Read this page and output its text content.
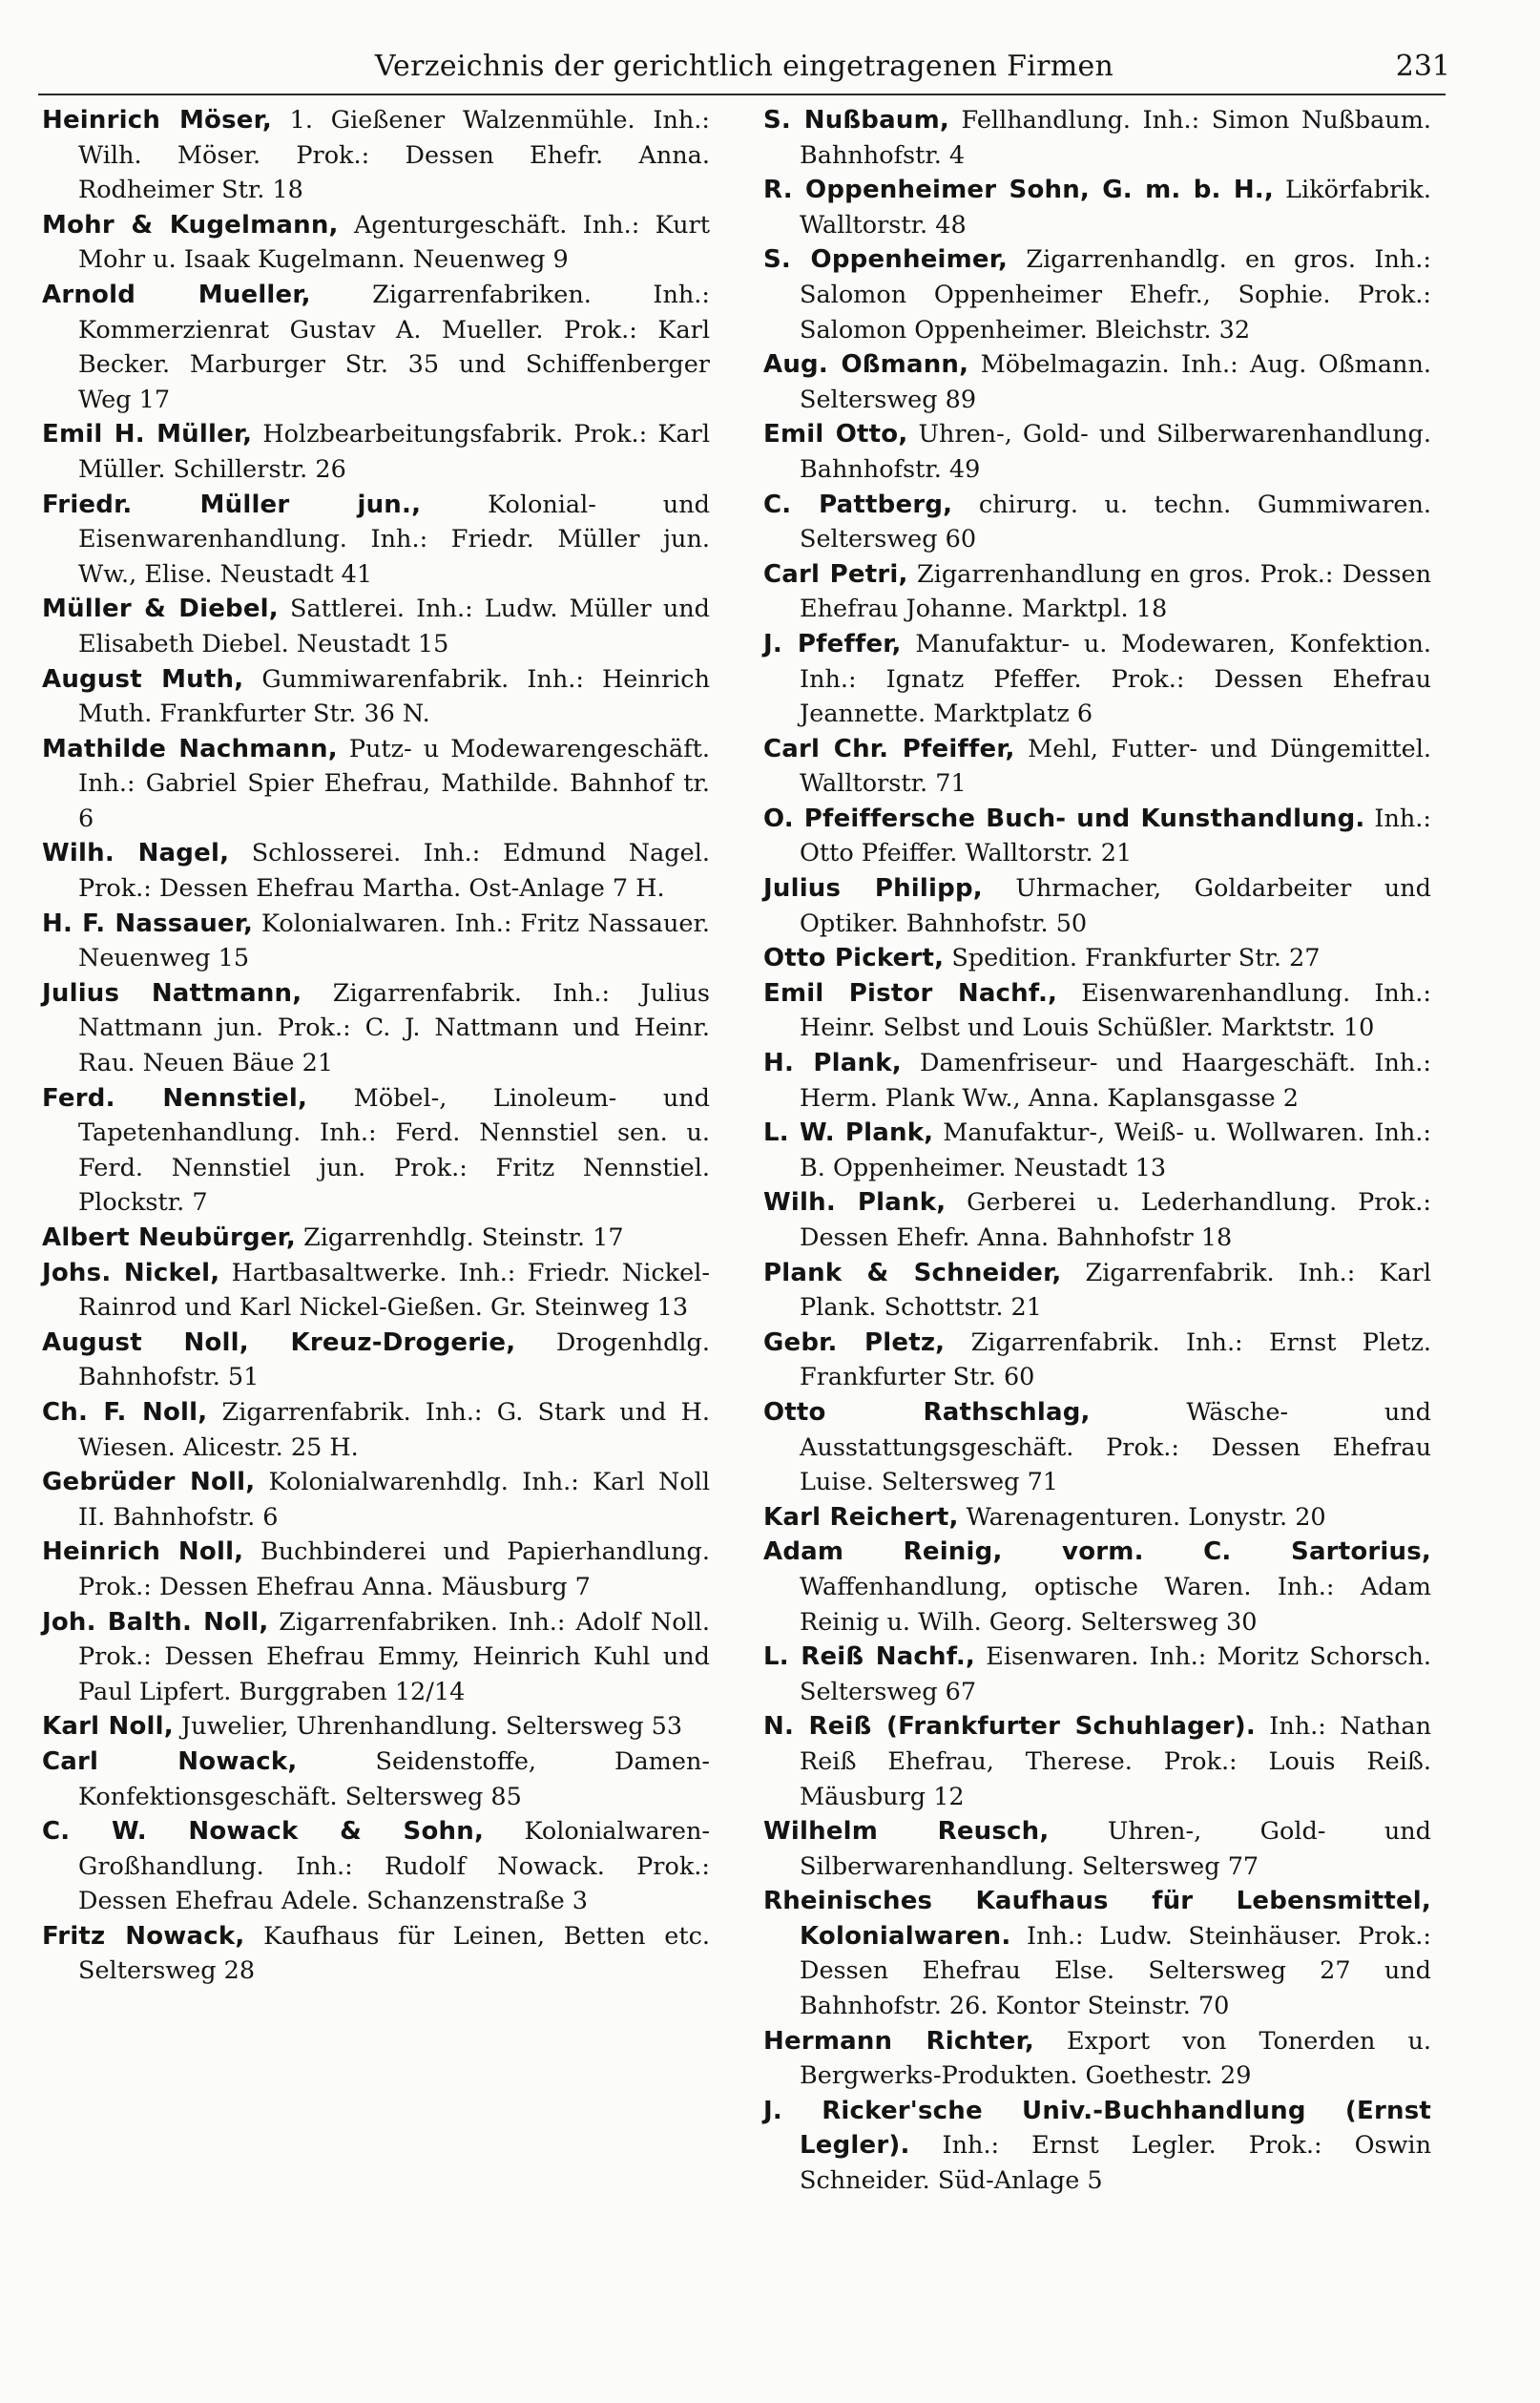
Verzeichnis der gerichtlich eingetragenen Firmen	231

Heinrich Möser, 1. Gießener Walzenmühle. Inh.: Wilh. Möser. Prok.: Dessen Ehefr. Anna. Rodheimer Str. 18

Mohr & Kugelmann, Agenturgeschäft. Inh.: Kurt Mohr u. Isaak Kugelmann. Neuenweg 9

Arnold Mueller, Zigarrenfabriken. Inh.: Kommerzienrat Gustav A. Mueller. Prok.: Karl Becker. Marburger Str. 35 und Schiffenberger Weg 17

Emil H. Müller, Holzbearbeitungsfabrik. Prok.: Karl Müller. Schillerstr. 26

Friedr. Müller jun., Kolonial- und Eisenwarenhandlung. Inh.: Friedr. Müller jun. Ww., Elise. Neustadt 41

Müller & Diebel, Sattlerei. Inh.: Ludw. Müller und Elisabeth Diebel. Neustadt 15

August Muth, Gummiwarenfabrik. Inh.: Heinrich Muth. Frankfurter Str. 36 N.

Mathilde Nachmann, Putz- u Modewarengeschäft. Inh.: Gabriel Spier Ehefrau, Mathilde. Bahnhof tr. 6

Wilh. Nagel, Schlosserei. Inh.: Edmund Nagel. Prok.: Dessen Ehefrau Martha. Ost-Anlage 7 H.

H. F. Nassauer, Kolonialwaren. Inh.: Fritz Nassauer. Neuenweg 15

Julius Nattmann, Zigarrenfabrik. Inh.: Julius Nattmann jun. Prok.: C. J. Nattmann und Heinr. Rau. Neuen Bäue 21

Ferd. Nennstiel, Möbel-, Linoleum- und Tapetenhandlung. Inh.: Ferd. Nennstiel sen. u. Ferd. Nennstiel jun. Prok.: Fritz Nennstiel. Plockstr. 7

Albert Neubürger, Zigarrenhdlg. Steinstr. 17

Johs. Nickel, Hartbasaltwerke. Inh.: Friedr. Nickel-Rainrod und Karl Nickel-Gießen. Gr. Steinweg 13

August Noll, Kreuz-Drogerie, Drogenhdlg. Bahnhofstr. 51

Ch. F. Noll, Zigarrenfabrik. Inh.: G. Stark und H. Wiesen. Alicestr. 25 H.

Gebrüder Noll, Kolonialwarenhdlg. Inh.: Karl Noll II. Bahnhofstr. 6

Heinrich Noll, Buchbinderei und Papierhandlung. Prok.: Dessen Ehefrau Anna. Mäusburg 7

Joh. Balth. Noll, Zigarrenfabriken. Inh.: Adolf Noll. Prok.: Dessen Ehefrau Emmy, Heinrich Kuhl und Paul Lipfert. Burggraben 12/14

Karl Noll, Juwelier, Uhrenhandlung. Seltersweg 53

Carl Nowack, Seidenstoffe, Damen-Konfektionsgeschäft. Seltersweg 85

C. W. Nowack & Sohn, Kolonialwaren-Großhandlung. Inh.: Rudolf Nowack. Prok.: Dessen Ehefrau Adele. Schanzenstraße 3

Fritz Nowack, Kaufhaus für Leinen, Betten etc. Seltersweg 28

S. Nußbaum, Fellhandlung. Inh.: Simon Nußbaum. Bahnhofstr. 4

R. Oppenheimer Sohn, G. m. b. H., Likörfabrik. Walltorstr. 48

S. Oppenheimer, Zigarrenhandlg. en gros. Inh.: Salomon Oppenheimer Ehefr., Sophie. Prok.: Salomon Oppenheimer. Bleichstr. 32

Aug. Oßmann, Möbelmagazin. Inh.: Aug. Oßmann. Seltersweg 89

Emil Otto, Uhren-, Gold- und Silberwarenhandlung. Bahnhofstr. 49

C. Pattberg, chirurg. u. techn. Gummiwaren. Seltersweg 60

Carl Petri, Zigarrenhandlung en gros. Prok.: Dessen Ehefrau Johanne. Marktpl. 18

J. Pfeffer, Manufaktur- u. Modewaren, Konfektion. Inh.: Ignatz Pfeffer. Prok.: Dessen Ehefrau Jeannette. Marktplatz 6

Carl Chr. Pfeiffer, Mehl, Futter- und Düngemittel. Walltorstr. 71

O. Pfeiffersche Buch- und Kunsthandlung. Inh.: Otto Pfeiffer. Walltorstr. 21

Julius Philipp, Uhrmacher, Goldarbeiter und Optiker. Bahnhofstr. 50

Otto Pickert, Spedition. Frankfurter Str. 27

Emil Pistor Nachf., Eisenwarenhandlung. Inh.: Heinr. Selbst und Louis Schüßler. Marktstr. 10

H. Plank, Damenfriseur- und Haargeschäft. Inh.: Herm. Plank Ww., Anna. Kaplansgasse 2

L. W. Plank, Manufaktur-, Weiß- u. Wollwaren. Inh.: B. Oppenheimer. Neustadt 13

Wilh. Plank, Gerberei u. Lederhandlung. Prok.: Dessen Ehefr. Anna. Bahnhofstr 18

Plank & Schneider, Zigarrenfabrik. Inh.: Karl Plank. Schottstr. 21

Gebr. Pletz, Zigarrenfabrik. Inh.: Ernst Pletz. Frankfurter Str. 60

Otto Rathschlag, Wäsche- und Ausstattungsgeschäft. Prok.: Dessen Ehefrau Luise. Seltersweg 71

Karl Reichert, Warenagenturen. Lonystr. 20

Adam Reinig, vorm. C. Sartorius, Waffenhandlung, optische Waren. Inh.: Adam Reinig u. Wilh. Georg. Seltersweg 30

L. Reiß Nachf., Eisenwaren. Inh.: Moritz Schorsch. Seltersweg 67

N. Reiß (Frankfurter Schuhlager). Inh.: Nathan Reiß Ehefrau, Therese. Prok.: Louis Reiß. Mäusburg 12

Wilhelm Reusch, Uhren-, Gold- und Silberwarenhandlung. Seltersweg 77

Rheinisches Kaufhaus für Lebensmittel, Kolonialwaren. Inh.: Ludw. Steinhäuser. Prok.: Dessen Ehefrau Else. Seltersweg 27 und Bahnhofstr. 26. Kontor Steinstr. 70

Hermann Richter, Export von Tonerden u. Bergwerks-Produkten. Goethestr. 29

J. Ricker'sche Univ.-Buchhandlung (Ernst Legler). Inh.: Ernst Legler. Prok.: Oswin Schneider. Süd-Anlage 5
